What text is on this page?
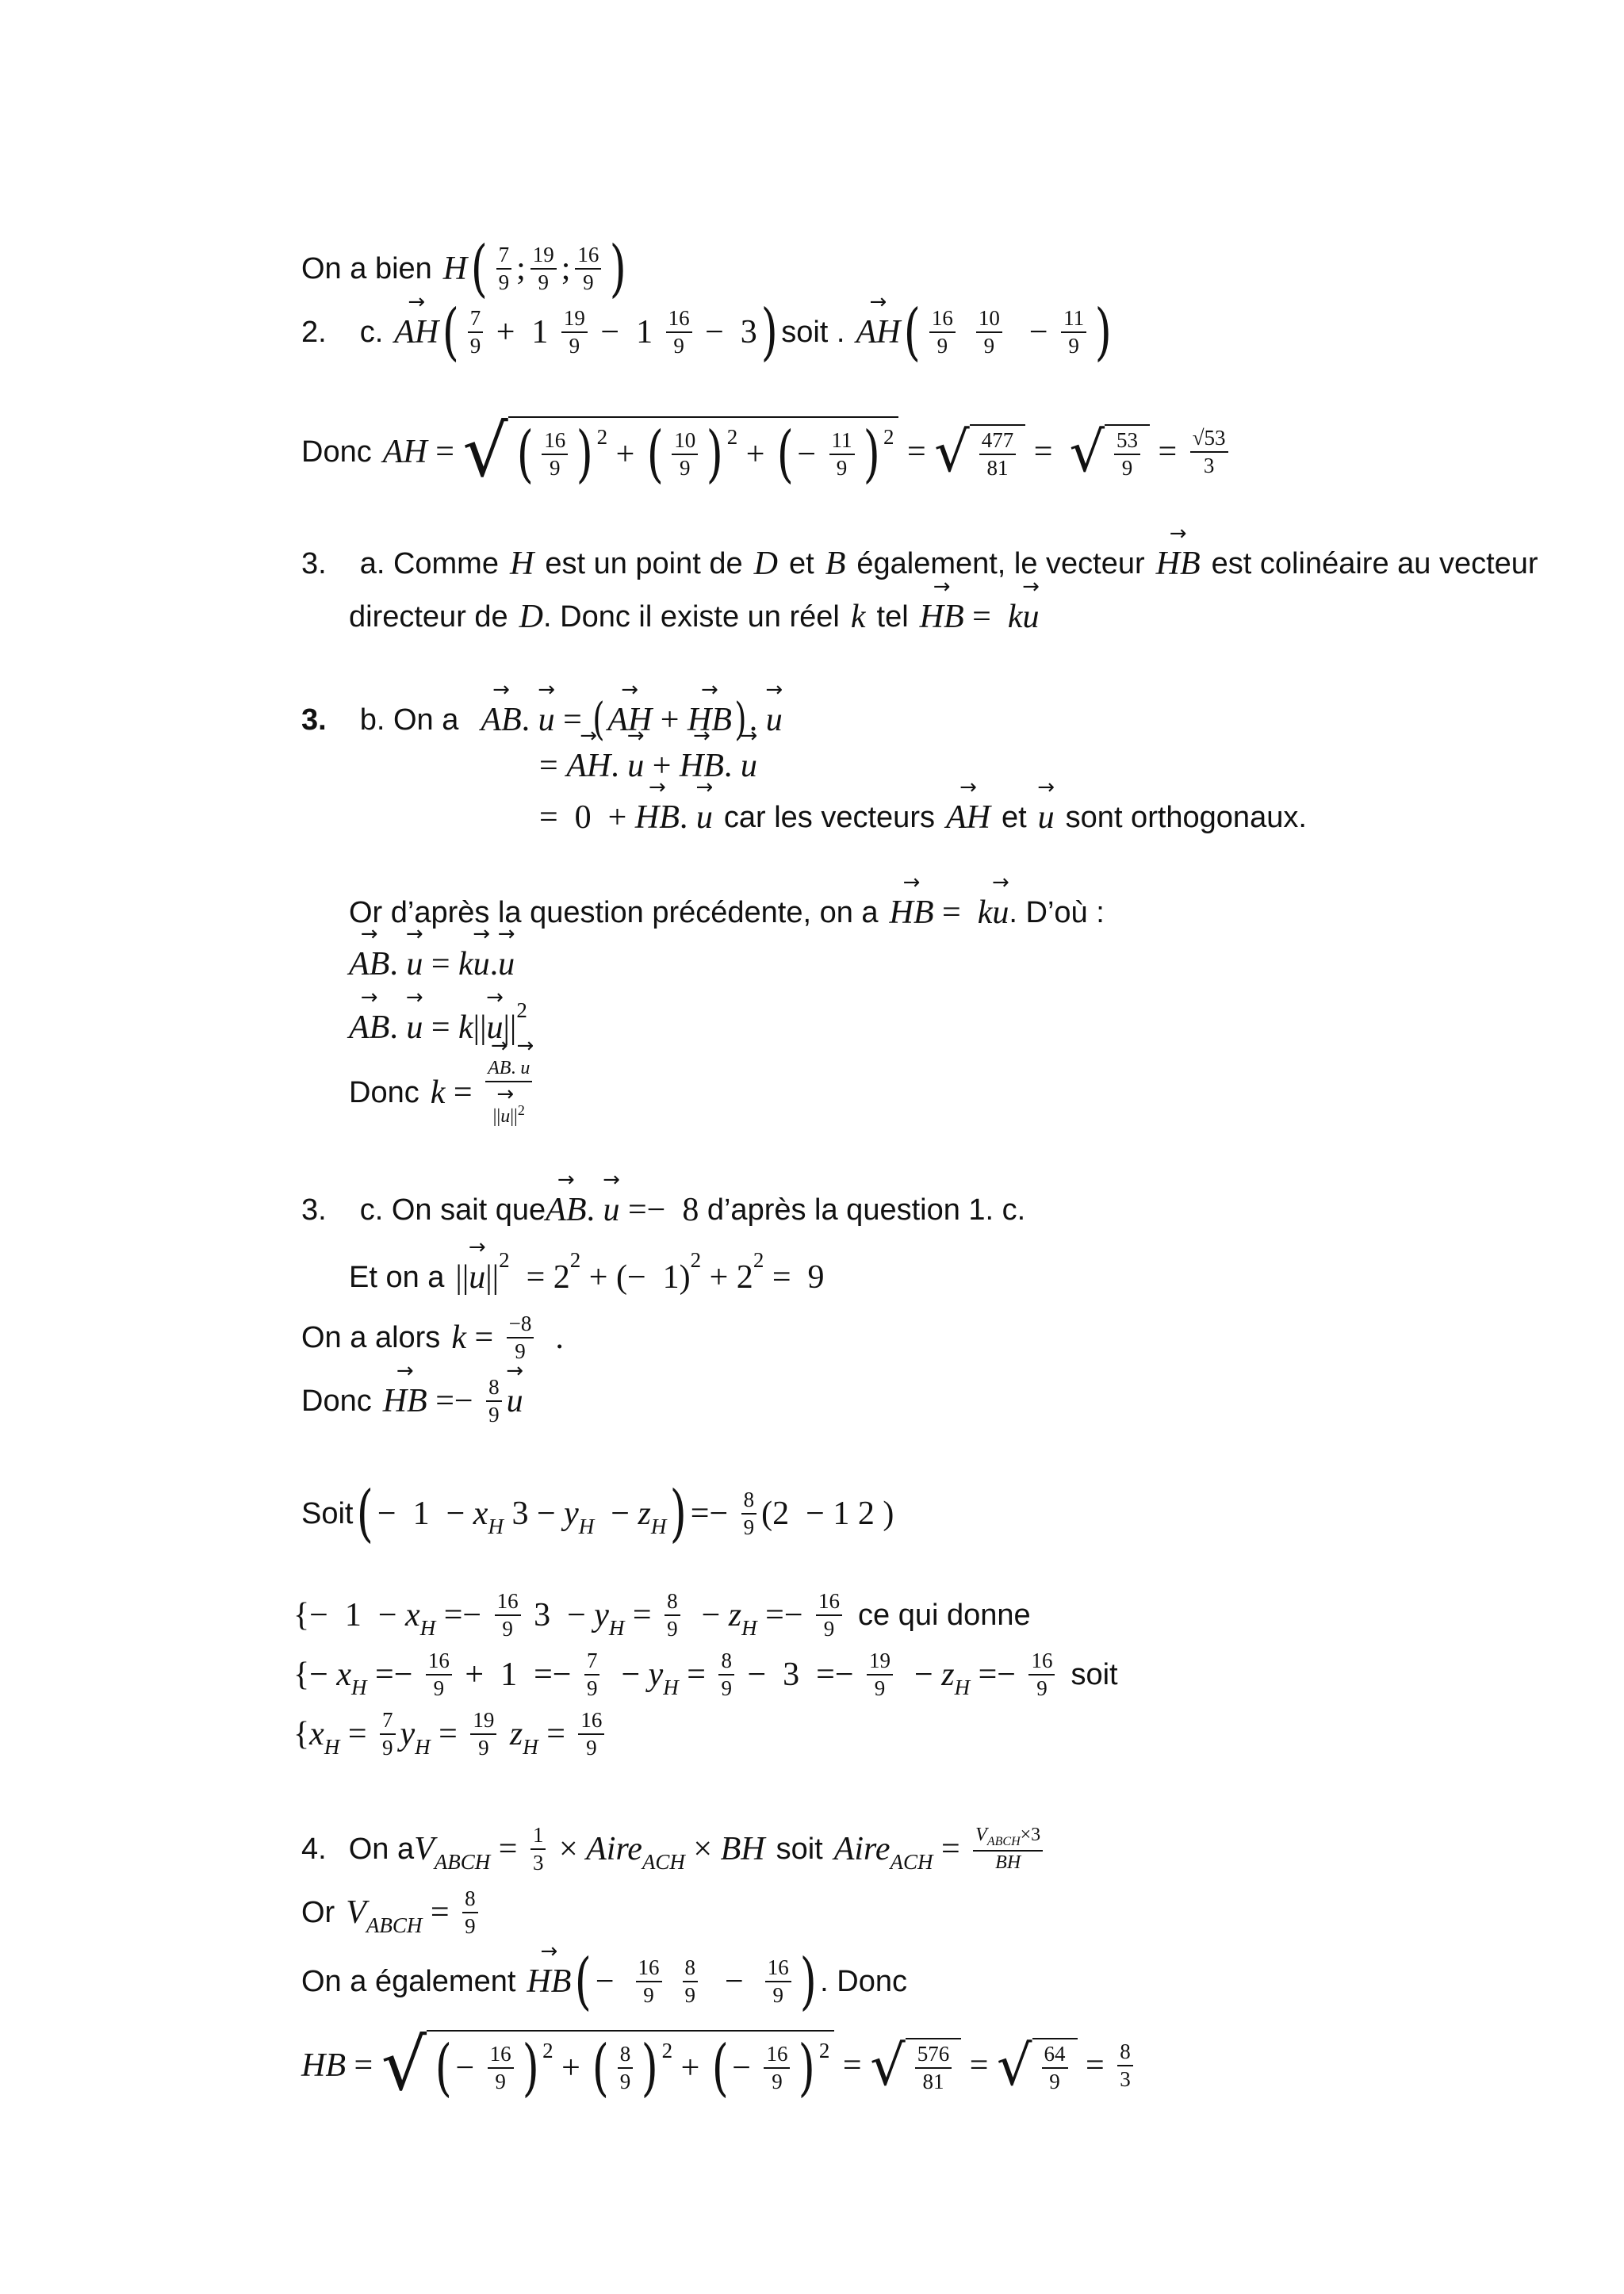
On a bien H ( $\frac{7}{9}$ ; $\frac{19}{9}$ ; $\frac{16}{9}$ )
2. c.
→ AH ( $\frac{7}{9} + 1 \frac{19}{9} - 1 \frac{16}{9} - 3$ ) soit .
→ AH ( $\frac{16}{9} \frac{10}{9} - \frac{11}{9}$ )
Donc AH = √ ( $\frac{16}{9}$ ) 2 + ( $\frac{10}{9}$ ) 2 + ( − $\frac{11}{9}$ ) 2 = √ $\frac{477}{81}$ = √ $\frac{53}{9} = \frac{√53}{3}$
3. a. Comme H est un point de D et B également, le vecteur
→ HB est colinéaire au vecteur
directeur de D . Donc il existe un réel k tel
→ HB = k
→ u
3. b. On a
→ AB .
→ u = (
→ AH +
→ HB ) .
→ u
=
→ AH .
→ u +
→ HB .
→ u
=  0  +
→ HB .
→ u car les vecteurs
→ AH et
→ u sont orthogonaux.
Or d’après la question précédente, on a
→ HB = k
→ u . D’où :
→ AB .
→ u = k
→ u .
→ u
→ AB .
→ u = k ||
→ u || 2
Donc k =
→ $\frac{AB. \to u}{||\to u||^2}$
3. c. On sait que
→ AB .
→ u =−  8 d’après la question 1. c.
Et on a ||
→ u || 2 = 2 2 + (−  1) 2 + 2 2 =  9
On a alors $k = \frac{-8}{9}$ .
Donc
→ HB =− $\frac{8}{9}$
→ u
Soit ( −  1  − x H 3 − y H − z H ) =− $\frac{8}{9} (2 - 1$ 2 )
{−  1  − x $H =- \frac{16}{9} 3 - y$ $H = \frac{8}{9} - z$ $H =- \frac{16}{9}$ ce qui donne
{− x $H =- \frac{16}{9} + 1 =- \frac{7}{9} - y$ $H = \frac{8}{9} - 3 =- \frac{19}{9} - z$ $H =- \frac{16}{9}$ soit
{ x $H = \frac{7}{9}$ y $H = \frac{19}{9}$ z $H = \frac{16}{9}$
4. On a V ABCH = $\frac{1}{3}$ × Aire ACH × BH soit Aire ACH = $\frac{V_{ABCH}\times 3}{BH}$
Or V ABCH = $\frac{8}{9}$
On a également
→ HB ( − $\frac{16}{9} \frac{8}{9} - \frac{16}{9}$ ) . Donc
HB = √ ( − $\frac{16}{9}$ ) 2 + ( $\frac{8}{9}$ ) 2 + ( − $\frac{16}{9}$ ) 2 = √ $\frac{576}{81}$ = √ $\frac{64}{9} = \frac{8}{3}$
